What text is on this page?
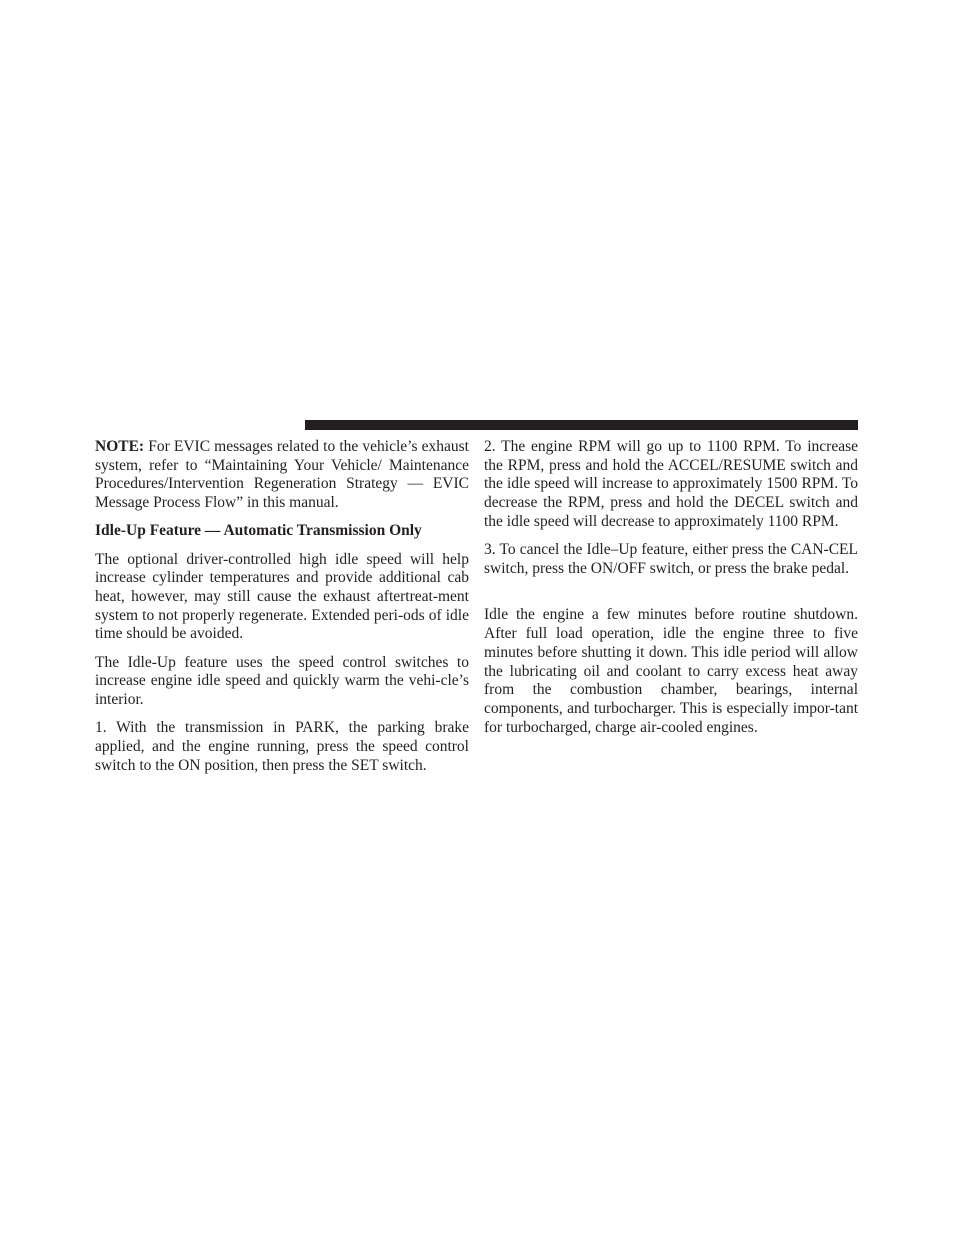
NOTE: For EVIC messages related to the vehicle’s exhaust system, refer to “Maintaining Your Vehicle/ Maintenance Procedures/Intervention Regeneration Strategy — EVIC Message Process Flow” in this manual.

Idle-Up Feature — Automatic Transmission Only

The optional driver-controlled high idle speed will help increase cylinder temperatures and provide additional cab heat, however, may still cause the exhaust aftertreat-ment system to not properly regenerate. Extended peri-ods of idle time should be avoided.

The Idle-Up feature uses the speed control switches to increase engine idle speed and quickly warm the vehi-cle’s interior.

1. With the transmission in PARK, the parking brake applied, and the engine running, press the speed control switch to the ON position, then press the SET switch.

2. The engine RPM will go up to 1100 RPM. To increase the RPM, press and hold the ACCEL/RESUME switch and the idle speed will increase to approximately 1500 RPM. To decrease the RPM, press and hold the DECEL switch and the idle speed will decrease to approximately 1100 RPM.

3. To cancel the Idle–Up feature, either press the CAN-CEL switch, press the ON/OFF switch, or press the brake pedal.

Idle the engine a few minutes before routine shutdown. After full load operation, idle the engine three to five minutes before shutting it down. This idle period will allow the lubricating oil and coolant to carry excess heat away from the combustion chamber, bearings, internal components, and turbocharger. This is especially impor-tant for turbocharged, charge air-cooled engines.
